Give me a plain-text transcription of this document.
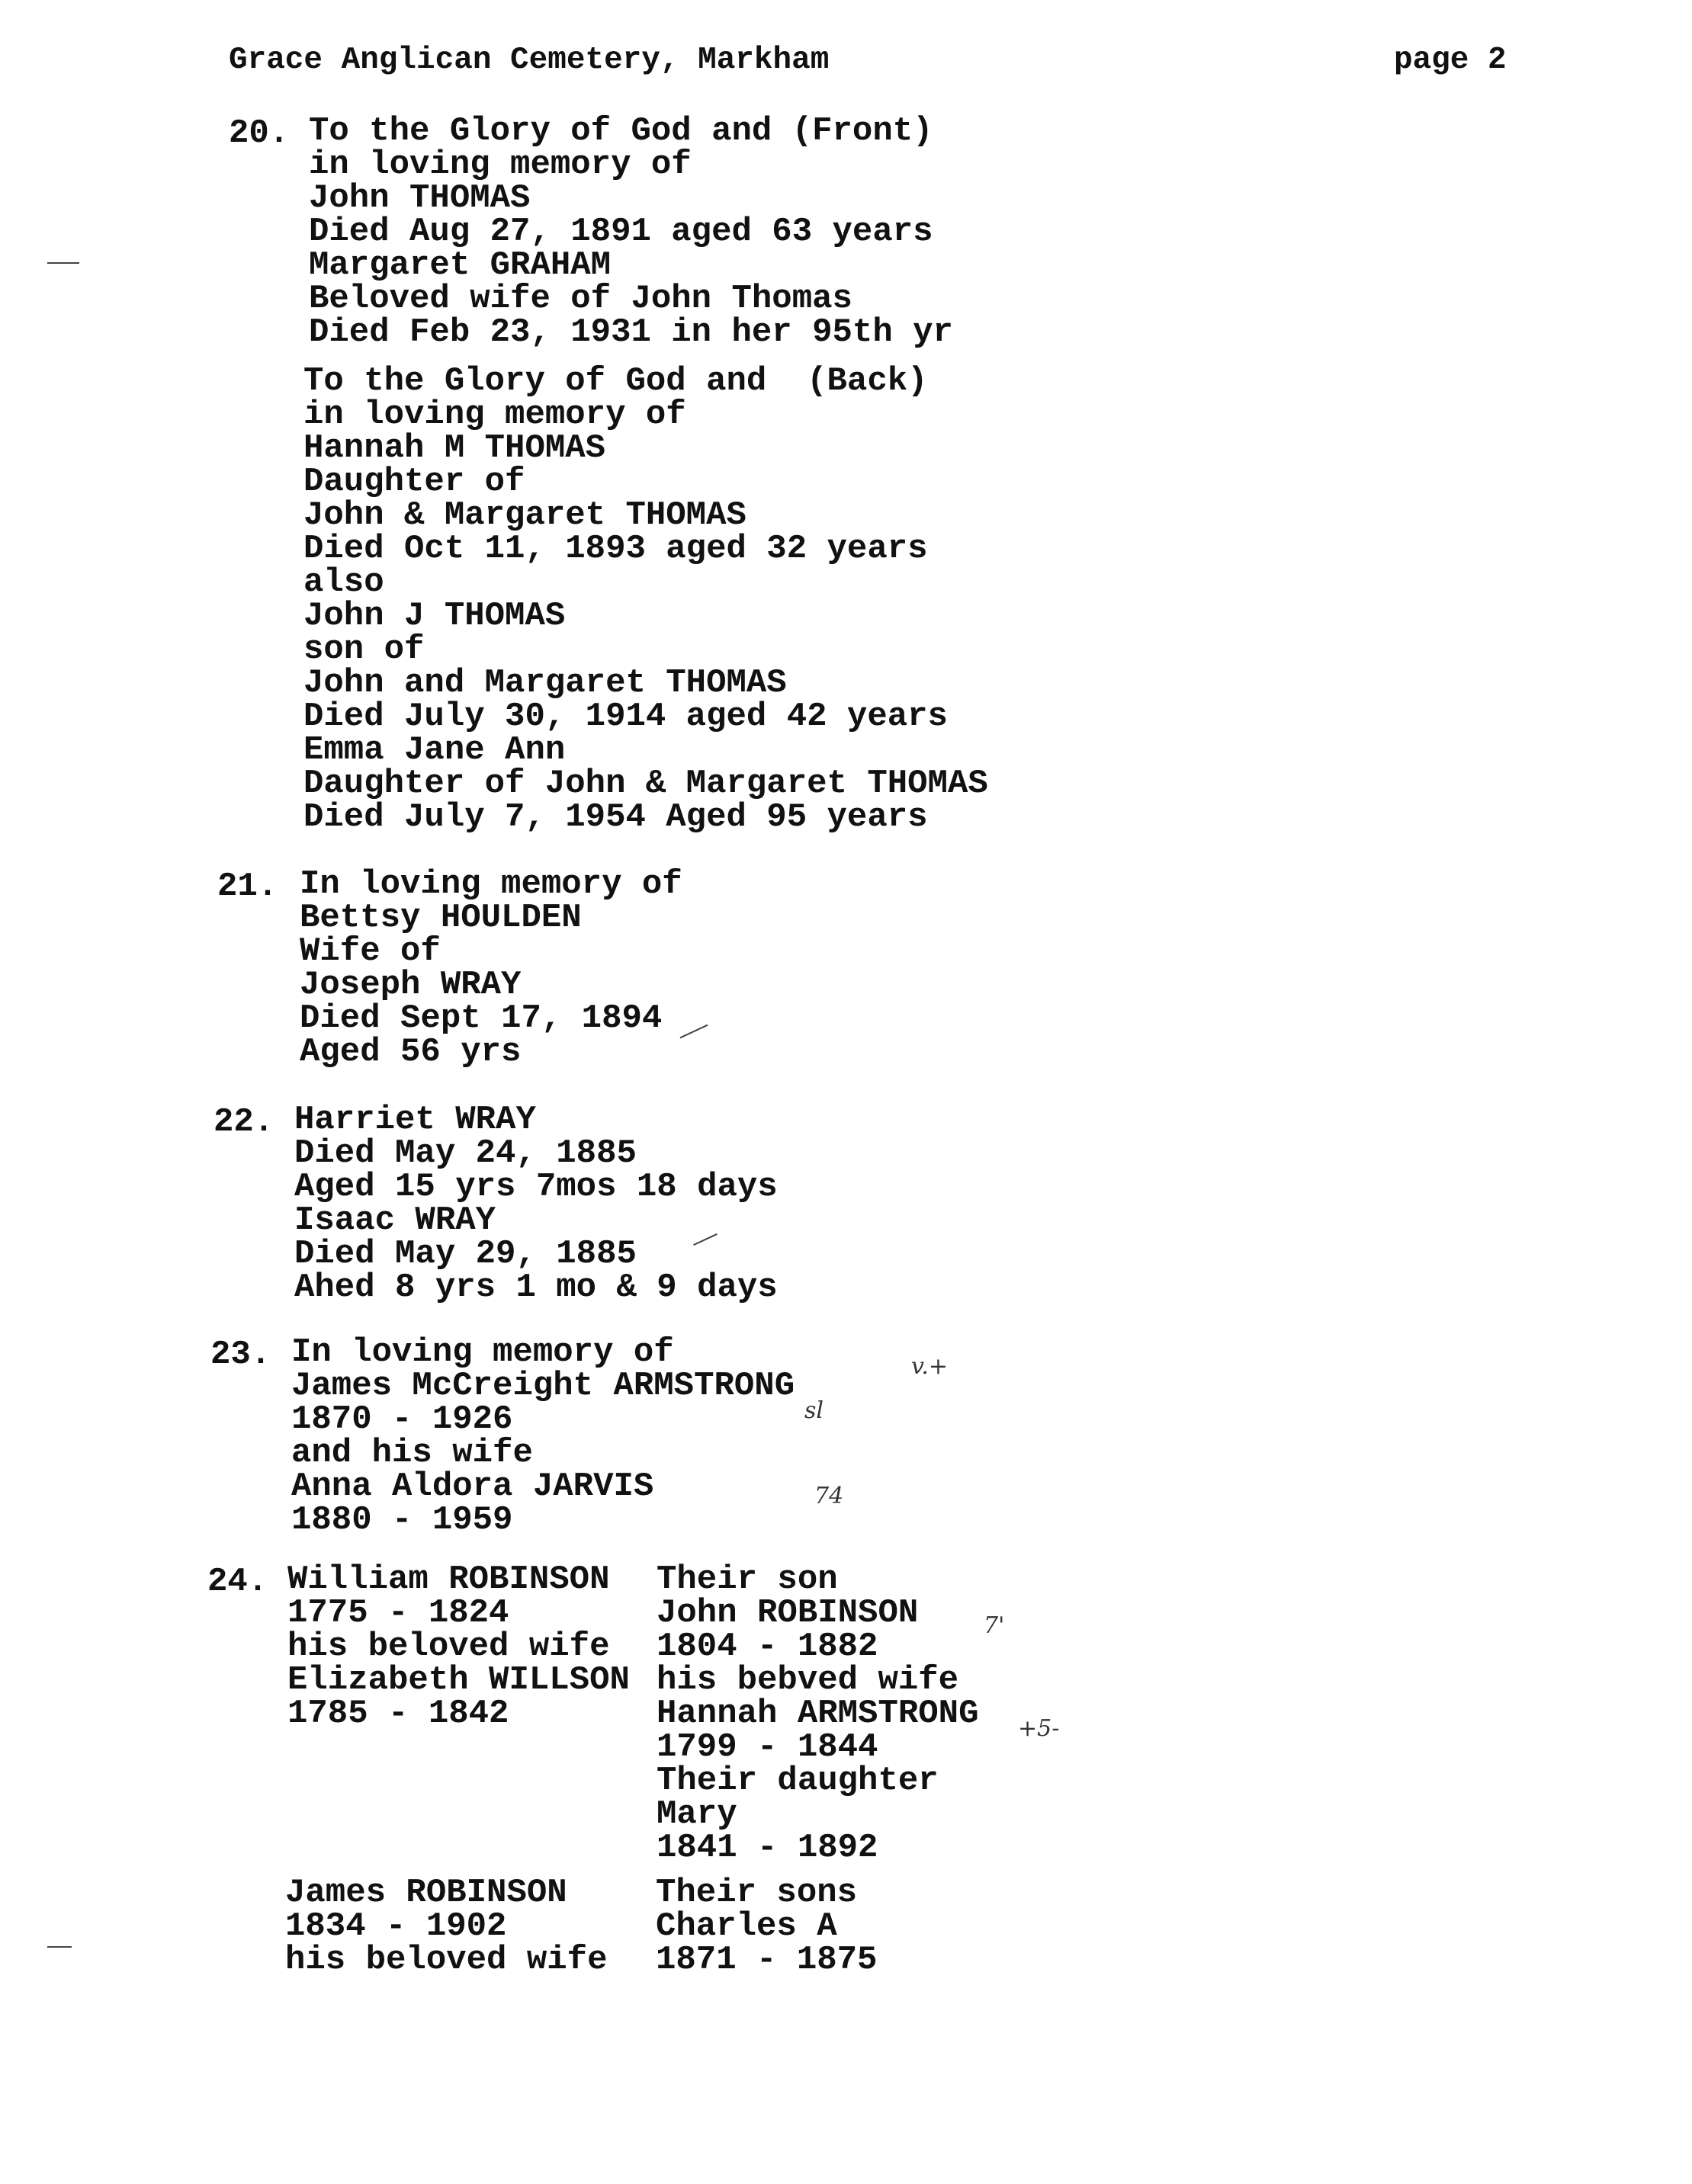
Grace Anglican Cemetery, Markham	page 2
20. To the Glory of God and (Front)
in loving memory of
John THOMAS
Died Aug 27, 1891 aged 63 years
Margaret GRAHAM
Beloved wife of John Thomas
Died Feb 23, 1931 in her 95th yr
To the Glory of God and  (Back)
in loving memory of
Hannah M THOMAS
Daughter of
John & Margaret THOMAS
Died Oct 11, 1893 aged 32 years
also
John J THOMAS
son of
John and Margaret THOMAS
Died July 30, 1914 aged 42 years
Emma Jane Ann
Daughter of John & Margaret THOMAS
Died July 7, 1954 Aged 95 years
21. In loving memory of
Bettsy HOULDEN
Wife of
Joseph WRAY
Died Sept 17, 1894
Aged 56 yrs
22. Harriet WRAY
Died May 24, 1885
Aged 15 yrs 7mos 18 days
Isaac WRAY
Died May 29, 1885
Ahed 8 yrs 1 mo & 9 days
23. In loving memory of
James McCreight ARMSTRONG
1870 - 1926
and his wife
Anna Aldora JARVIS
1880 - 1959
24. William ROBINSON
1775 - 1824
his beloved wife
Elizabeth WILLSON
1785 - 1842
Their son
John ROBINSON
1804 - 1882
his bebved wife
Hannah ARMSTRONG
1799 - 1844
Their daughter
Mary
1841 - 1892
James ROBINSON
1834 - 1902
his beloved wife
Their sons
Charles A
1871 - 1875
v.+
sl
74
7'
+5-
